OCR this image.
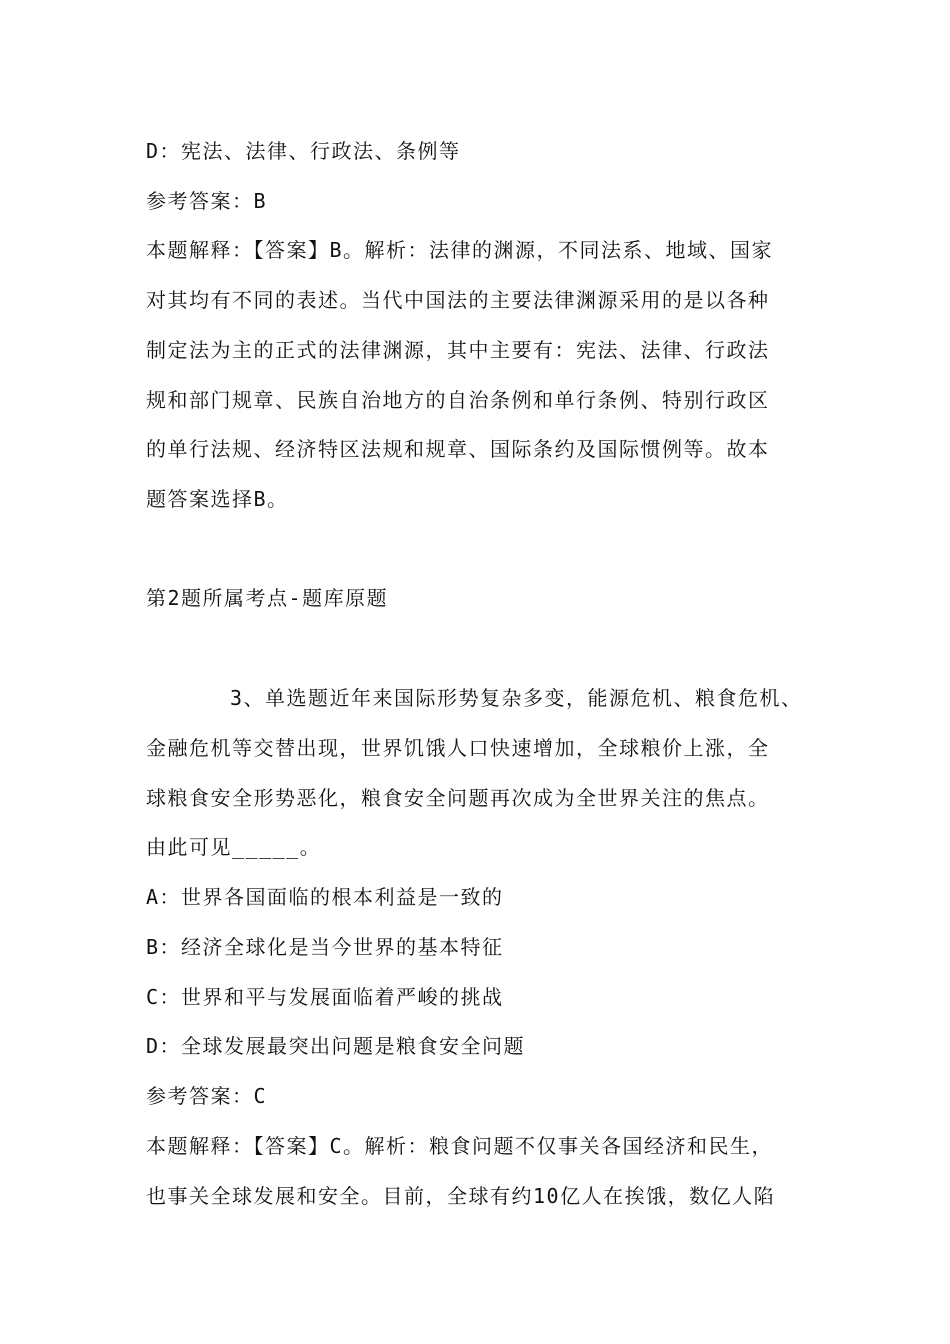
D：宪法、法律、行政法、条例等
参考答案：B
本题解释：【答案】B。解析：法律的渊源，不同法系、地域、国家
对其均有不同的表述。当代中国法的主要法律渊源采用的是以各种
制定法为主的正式的法律渊源，其中主要有：宪法、法律、行政法
规和部门规章、民族自治地方的自治条例和单行条例、特别行政区
的单行法规、经济特区法规和规章、国际条约及国际惯例等。故本
题答案选择B。
第2题所属考点-题库原题
3、单选题近年来国际形势复杂多变，能源危机、粮食危机、
金融危机等交替出现，世界饥饿人口快速增加，全球粮价上涨，全
球粮食安全形势恶化，粮食安全问题再次成为全世界关注的焦点。
由此可见_____。
A：世界各国面临的根本利益是一致的
B：经济全球化是当今世界的基本特征
C：世界和平与发展面临着严峻的挑战
D：全球发展最突出问题是粮食安全问题
参考答案：C
本题解释：【答案】C。解析：粮食问题不仅事关各国经济和民生，
也事关全球发展和安全。目前，全球有约10亿人在挨饿，数亿人陷
